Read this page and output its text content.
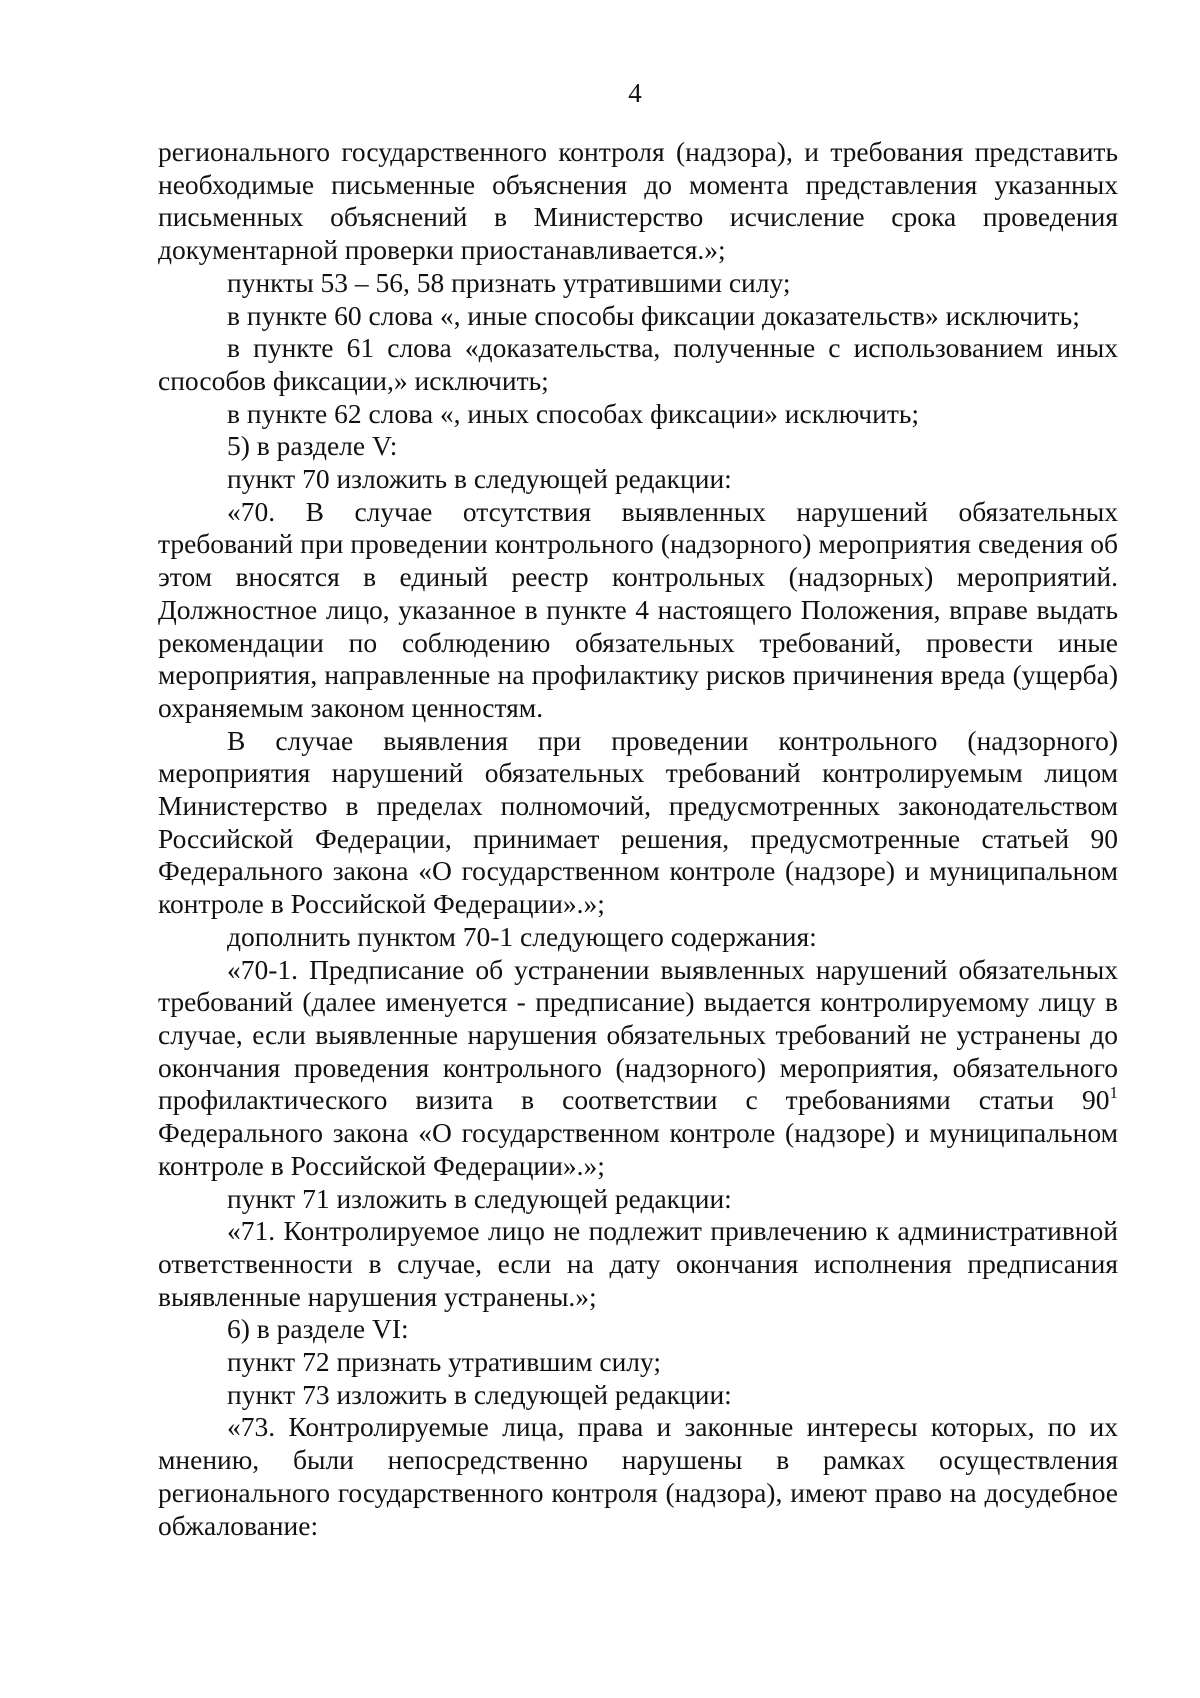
4

регионального государственного контроля (надзора), и требования представить необходимые письменные объяснения до момента представления указанных письменных объяснений в Министерство исчисление срока проведения документарной проверки приостанавливается.»;

пункты 53 – 56, 58 признать утратившими силу;

в пункте 60 слова «, иные способы фиксации доказательств» исключить;

в пункте 61 слова «доказательства, полученные с использованием иных способов фиксации,» исключить;

в пункте 62 слова «, иных способах фиксации» исключить;

5) в разделе V:

пункт 70 изложить в следующей редакции:

«70. В случае отсутствия выявленных нарушений обязательных требований при проведении контрольного (надзорного) мероприятия сведения об этом вносятся в единый реестр контрольных (надзорных) мероприятий. Должностное лицо, указанное в пункте 4 настоящего Положения, вправе выдать рекомендации по соблюдению обязательных требований, провести иные мероприятия, направленные на профилактику рисков причинения вреда (ущерба) охраняемым законом ценностям.

В случае выявления при проведении контрольного (надзорного) мероприятия нарушений обязательных требований контролируемым лицом Министерство в пределах полномочий, предусмотренных законодательством Российской Федерации, принимает решения, предусмотренные статьей 90 Федерального закона «О государственном контроле (надзоре) и муниципальном контроле в Российской Федерации».»;

дополнить пунктом 70-1 следующего содержания:

«70-1. Предписание об устранении выявленных нарушений обязательных требований (далее именуется - предписание) выдается контролируемому лицу в случае, если выявленные нарушения обязательных требований не устранены до окончания проведения контрольного (надзорного) мероприятия, обязательного профилактического визита в соответствии с требованиями статьи $90^1$ Федерального закона «О государственном контроле (надзоре) и муниципальном контроле в Российской Федерации».»;

пункт 71 изложить в следующей редакции:

«71. Контролируемое лицо не подлежит привлечению к административной ответственности в случае, если на дату окончания исполнения предписания выявленные нарушения устранены.»;

6) в разделе VI:

пункт 72 признать утратившим силу;

пункт 73 изложить в следующей редакции:

«73. Контролируемые лица, права и законные интересы которых, по их мнению, были непосредственно нарушены в рамках осуществления регионального государственного контроля (надзора), имеют право на досудебное обжалование:
